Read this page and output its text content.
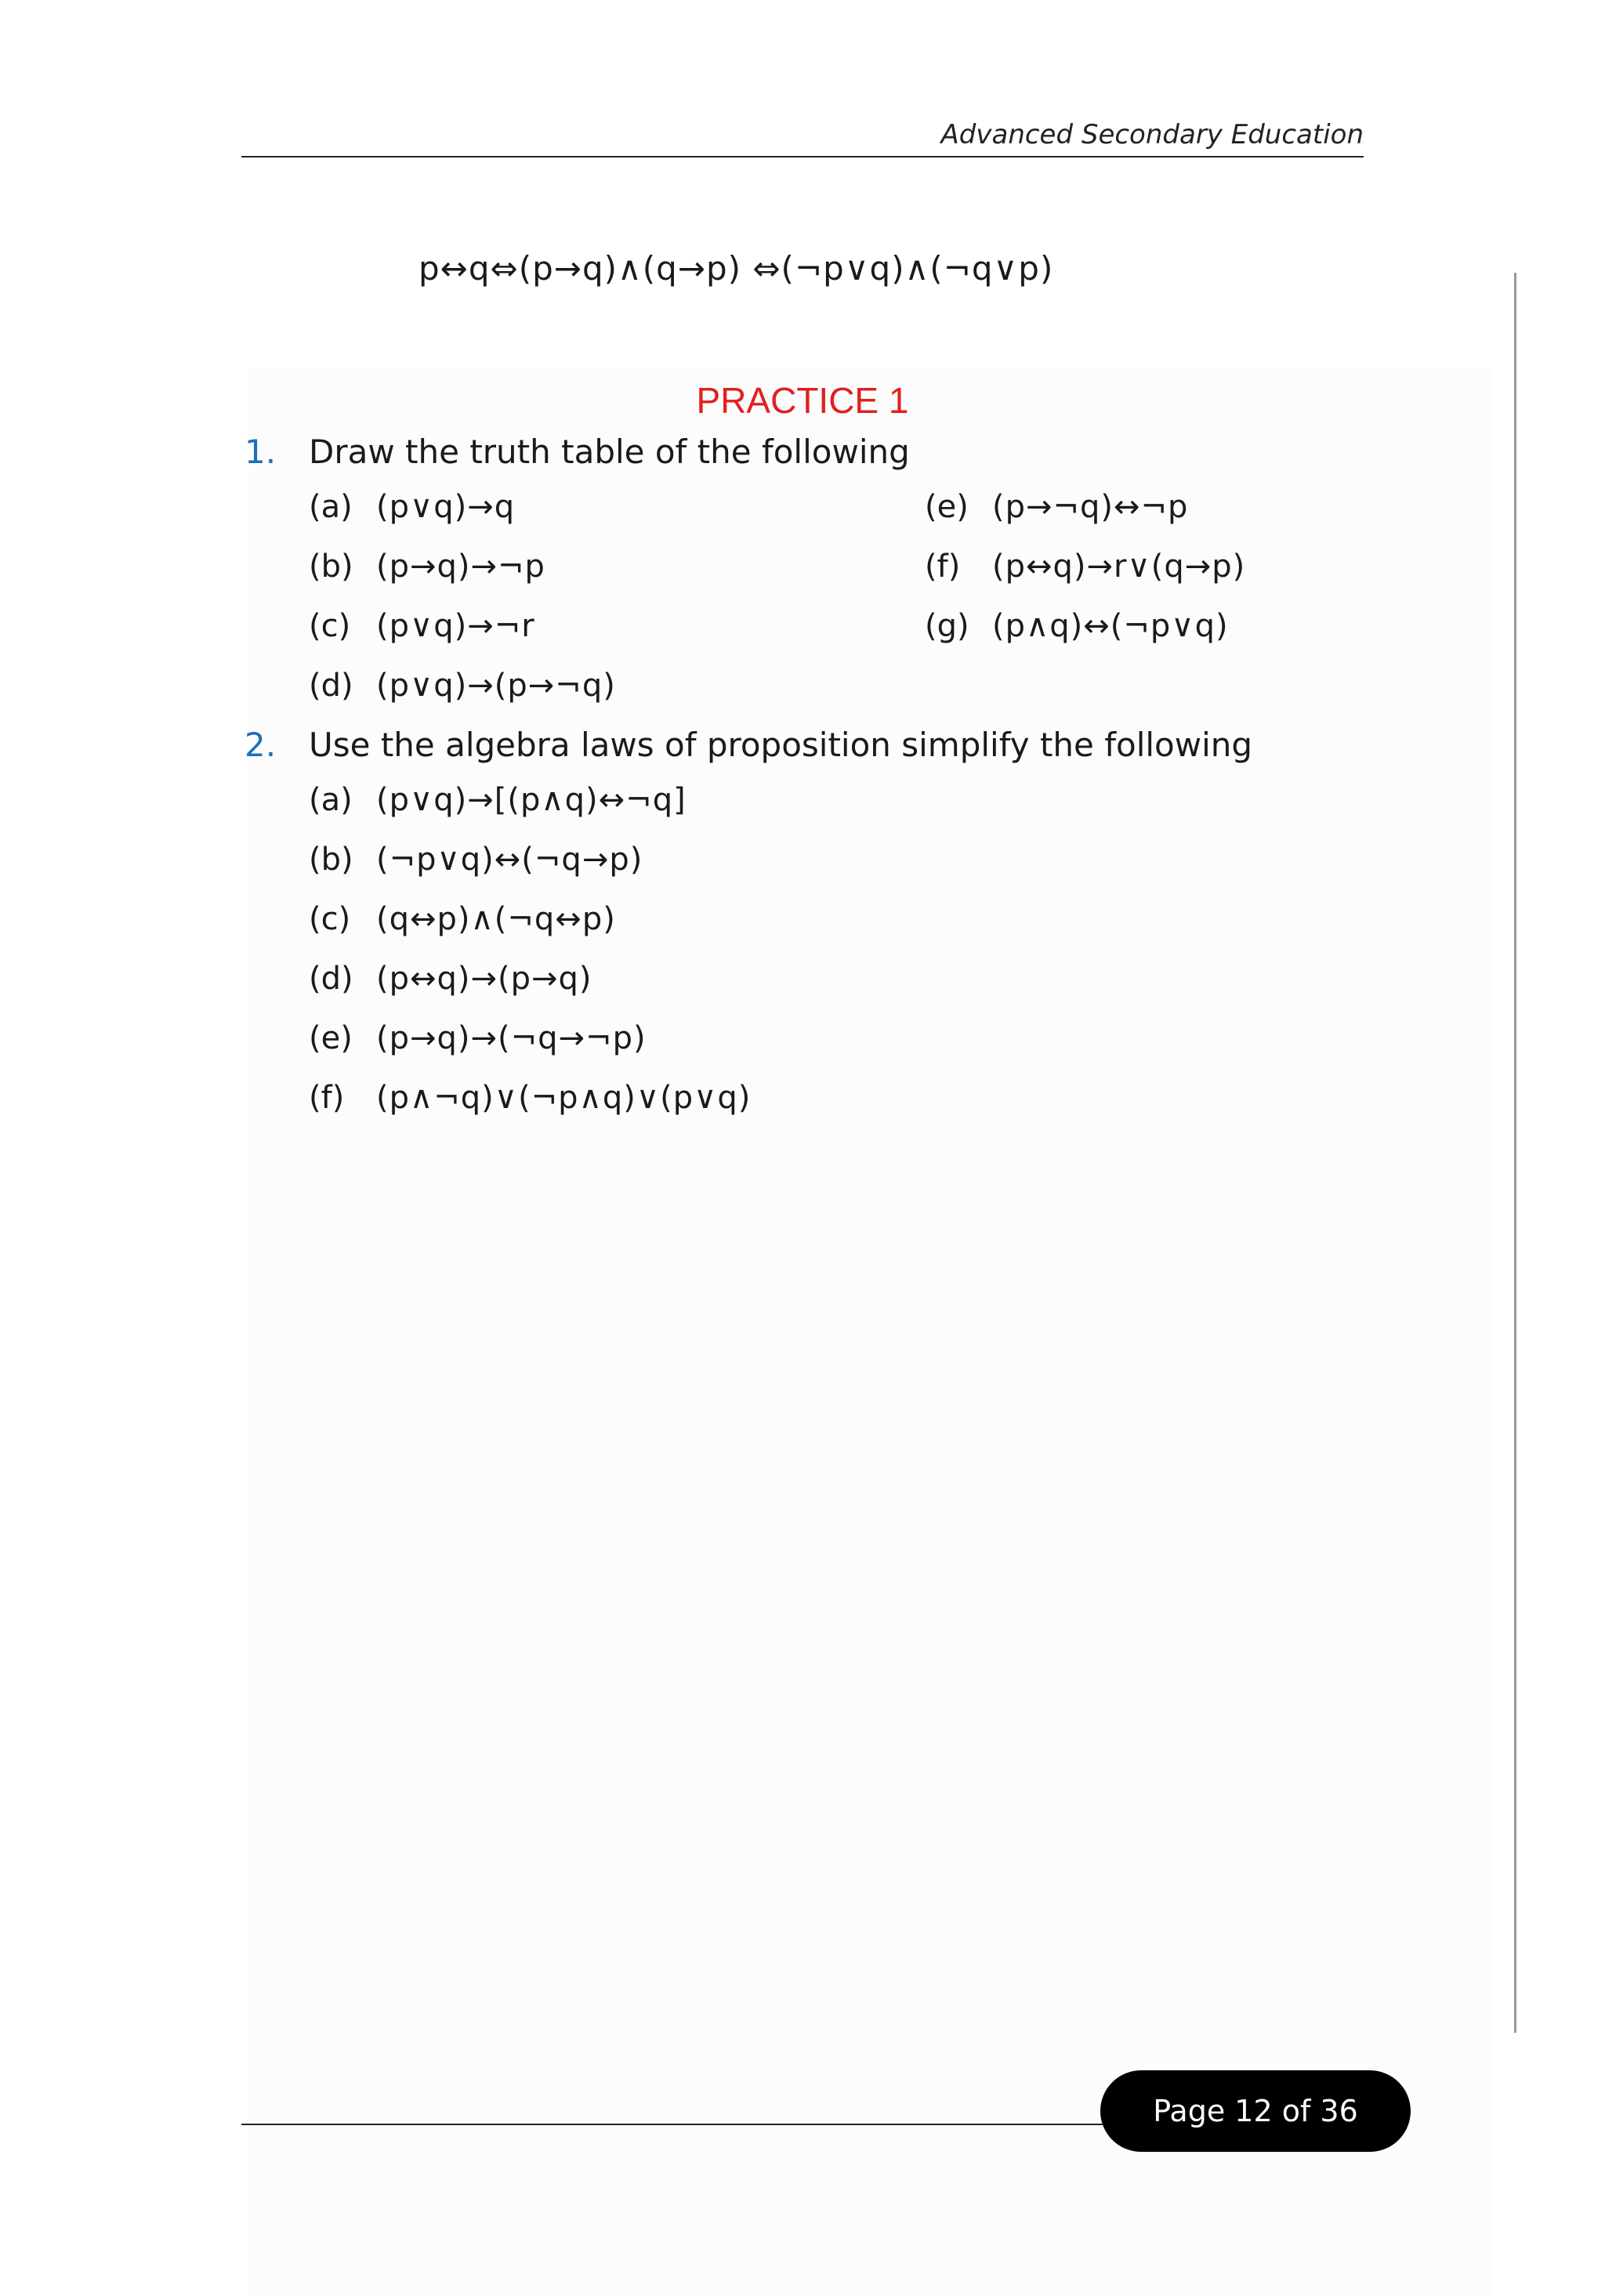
Advanced Secondary Education
p↔q⇔(p→q)∧(q→p) ⇔(¬p∨q)∧(¬q∨p)
PRACTICE 1
1. Draw the truth table of the following
(a) (p∨q)→q
(b) (p→q)→¬p
(c) (p∨q)→¬r
(d) (p∨q)→(p→¬q)
(e) (p→¬q)↔¬p
(f) (p↔q)→r∨(q→p)
(g) (p∧q)↔(¬p∨q)
2. Use the algebra laws of proposition simplify the following
(a) (p∨q)→[(p∧q)↔¬q]
(b) (¬p∨q)↔(¬q→p)
(c) (q↔p)∧(¬q↔p)
(d) (p↔q)→(p→q)
(e) (p→q)→(¬q→¬p)
(f) (p∧¬q)∨(¬p∧q)∨(p∨q)
Page 12 of 36
